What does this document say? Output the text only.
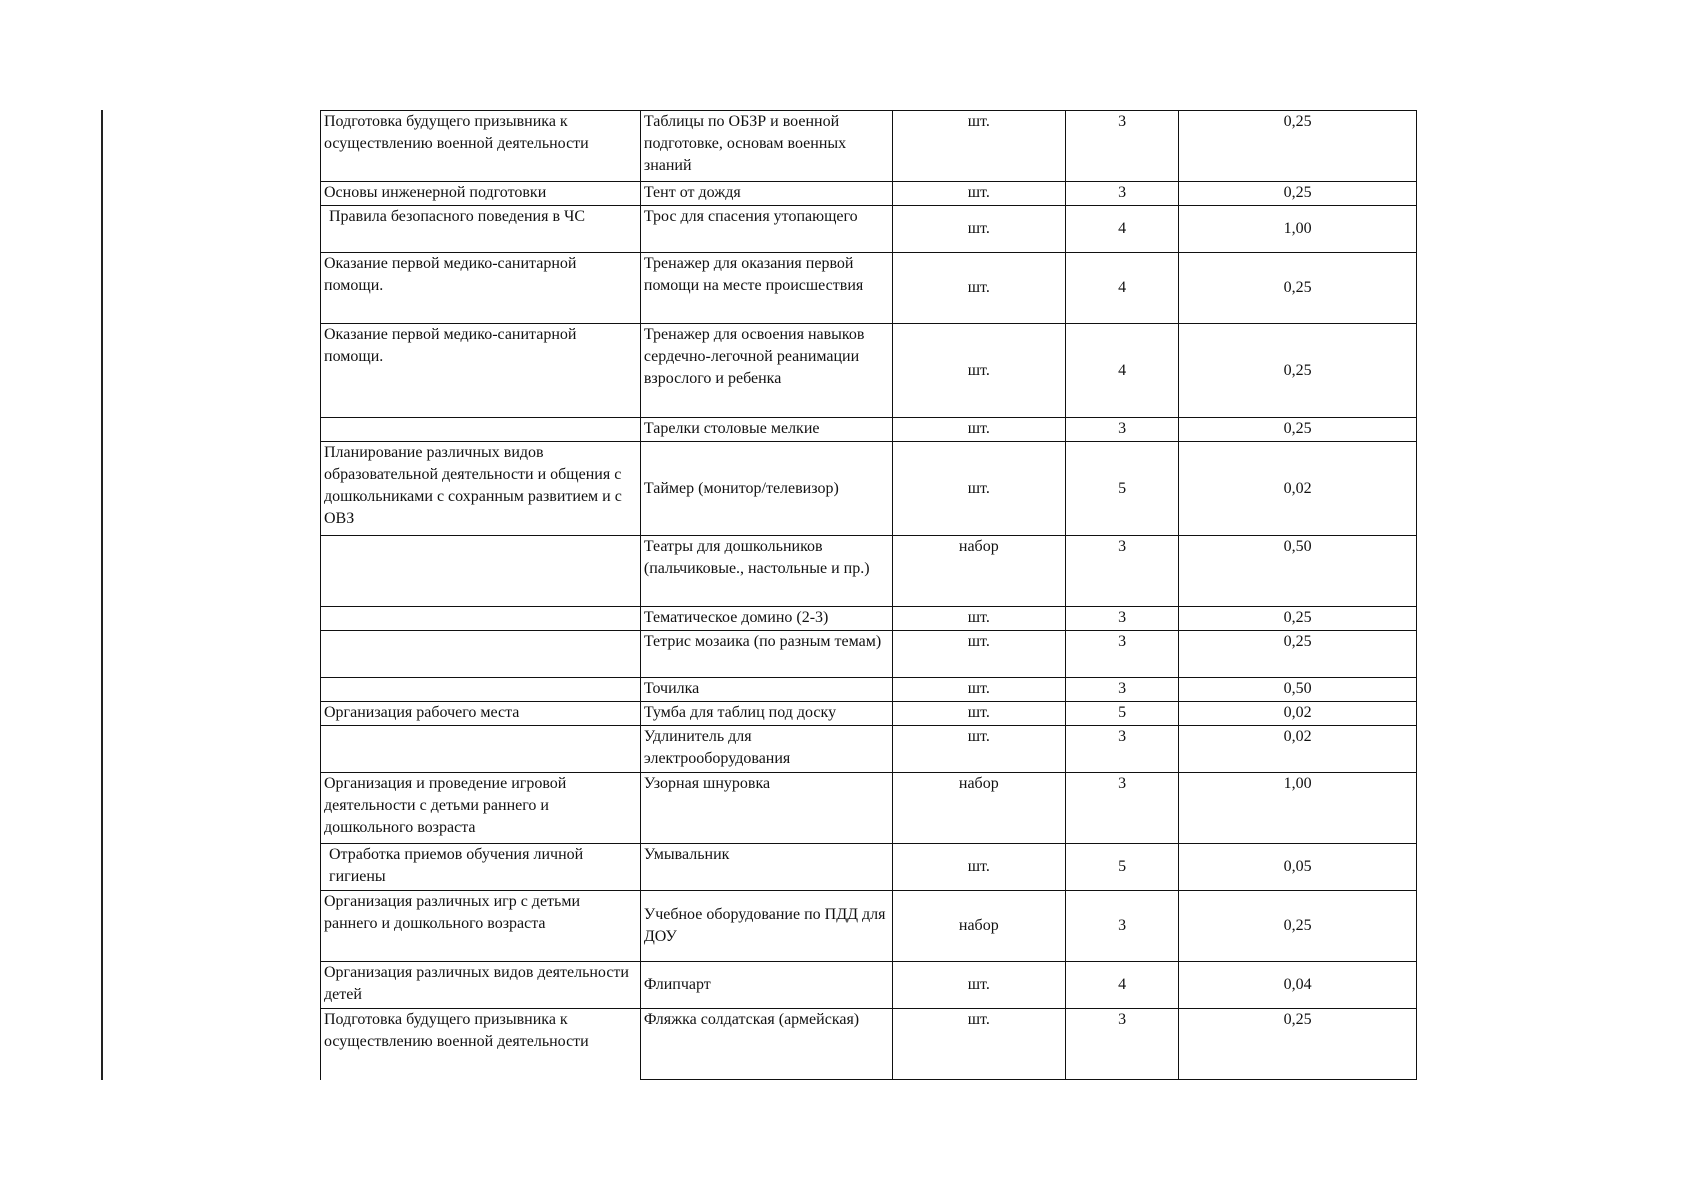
Подготовка будущего призывника к осуществлению военной деятельности	Таблицы по ОБЗР и военной подготовке, основам военных знаний	шт.	3	0,25
Основы инженерной подготовки	Тент от дождя	шт.	3	0,25
Правила безопасного поведения в ЧС	Трос для спасения утопающего	шт.	4	1,00
Оказание первой медико-санитарной помощи.	Тренажер для оказания первой помощи на месте происшествия	шт.	4	0,25
Оказание первой медико-санитарной помощи.	Тренажер для освоения навыков сердечно-легочной реанимации взрослого и ребенка	шт.	4	0,25
	Тарелки столовые мелкие	шт.	3	0,25
Планирование различных видов образовательной деятельности и общения с дошкольниками с сохранным развитием и с ОВЗ	Таймер (монитор/телевизор)	шт.	5	0,02
	Театры для дошкольников (пальчиковые., настольные и пр.)	набор	3	0,50
	Тематическое домино (2-3)	шт.	3	0,25
	Тетрис мозаика (по разным темам)	шт.	3	0,25
	Точилка	шт.	3	0,50
Организация рабочего места	Тумба для таблиц под доску	шт.	5	0,02
	Удлинитель для электрооборудования	шт.	3	0,02
Организация и проведение игровой деятельности с детьми раннего и дошкольного возраста	Узорная шнуровка	набор	3	1,00
Отработка приемов обучения личной гигиены	Умывальник	шт.	5	0,05
Организация различных игр с детьми раннего и дошкольного возраста	Учебное оборудование по ПДД для ДОУ	набор	3	0,25
Организация различных видов деятельности детей	Флипчарт	шт.	4	0,04
Подготовка будущего призывника к осуществлению военной деятельности	Фляжка солдатская (армейская)	шт.	3	0,25
